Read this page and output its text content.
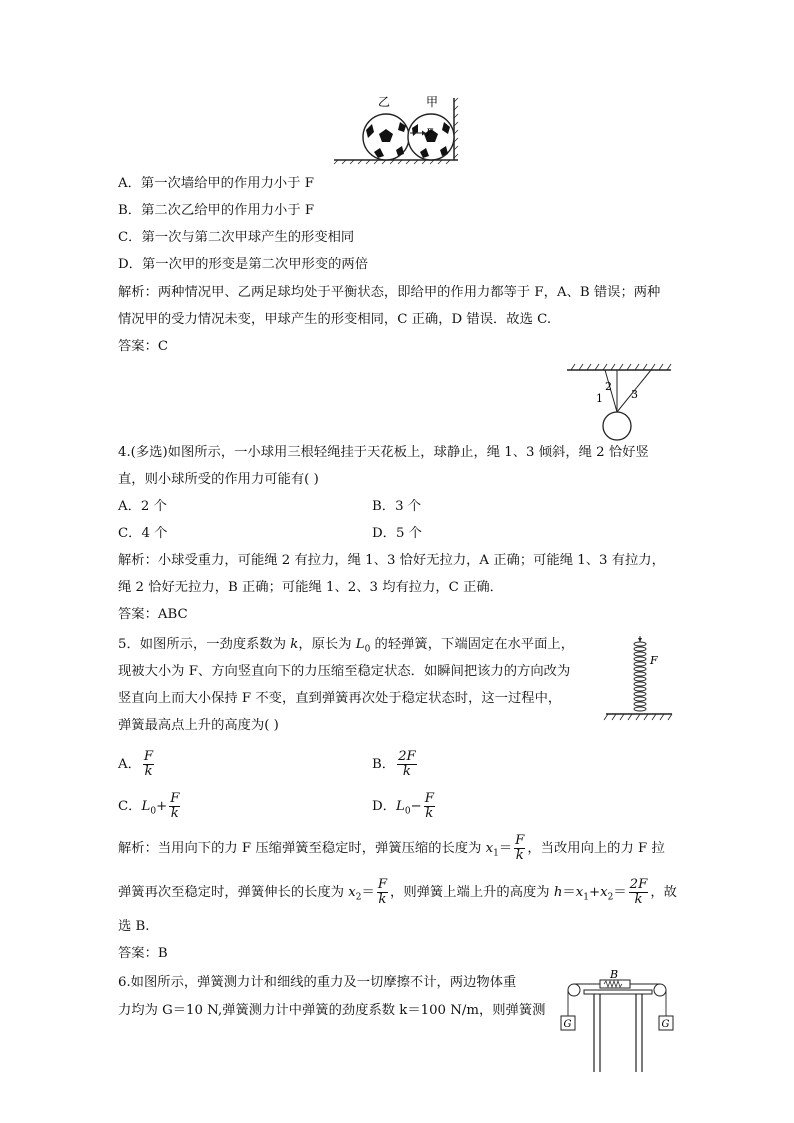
乙	甲
F
A．第一次墙给甲的作用力小于 F
B．第二次乙给甲的作用力小于 F
C．第一次与第二次甲球产生的形变相同
D．第一次甲的形变是第二次甲形变的两倍
解析：两种情况甲、乙两足球均处于平衡状态，即给甲的作用力都等于 F，A、B 错误；两种
情况甲的受力情况未变，甲球产生的形变相同，C 正确，D 错误．故选 C.
答案：C
1
2
3
4.(多选)如图所示，一小球用三根轻绳挂于天花板上，球静止，绳 1、3 倾斜，绳 2 恰好竖
直，则小球所受的作用力可能有( )
A．2 个	B．3 个
C．4 个	D．5 个
解析：小球受重力，可能绳 2 有拉力，绳 1、3 恰好无拉力，A 正确；可能绳 1、3 有拉力，
绳 2 恰好无拉力，B 正确；可能绳 1、2、3 均有拉力，C 正确．
答案：ABC
F
5．如图所示，一劲度系数为 k，原长为 $L_0$ 的轻弹簧，下端固定在水平面上，
现被大小为 F、方向竖直向下的力压缩至稳定状态．如瞬间把该力的方向改为
竖直向上而大小保持 F 不变，直到弹簧再次处于稳定状态时，这一过程中，
弹簧最高点上升的高度为( )
A． $\frac{F}{k}$	B． $\frac{2F}{k}$
C．$L_0+ \frac{F}{k}$	D．$L_0- \frac{F}{k}$
解析：当用向下的力 F 压缩弹簧至稳定时，弹簧压缩的长度为 $x_1= \frac{F}{k}$ ，当改用向上的力 F 拉
弹簧再次至稳定时，弹簧伸长的长度为 $x_2= \frac{F}{k}$ ，则弹簧上端上升的高度为 $h=x_1+x_2= \frac{2F}{k}$ ，故
选 B.
答案：B
B
G	G
6.如图所示，弹簧测力计和细线的重力及一切摩擦不计，两边物体重
力均为 G＝10 N,弹簧测力计中弹簧的劲度系数 k＝100 N/m，则弹簧测
